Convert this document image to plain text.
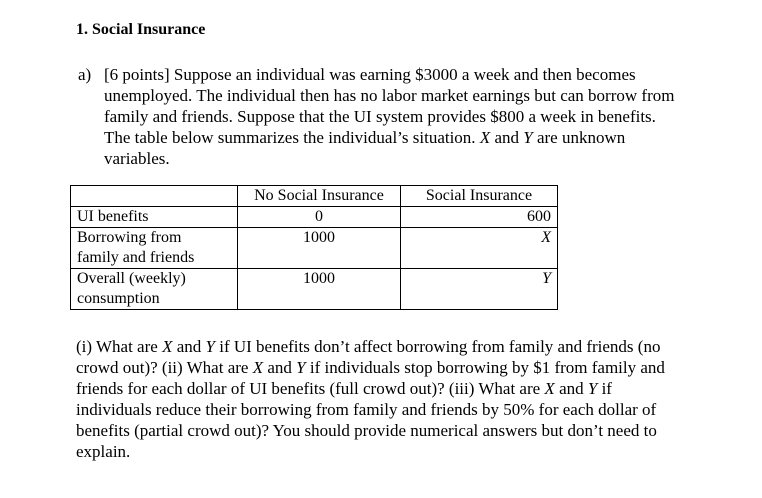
1. Social Insurance
a) [6 points] Suppose an individual was earning $3000 a week and then becomes
unemployed. The individual then has no labor market earnings but can borrow from
family and friends. Suppose that the UI system provides $800 a week in benefits.
The table below summarizes the individual’s situation. X and Y are unknown
variables.

	No Social Insurance	Social Insurance
UI benefits	0	600

Borrowing from
family and friends	1000	X

Overall (weekly)
consumption	1000	Y

(i) What are X and Y if UI benefits don’t affect borrowing from family and friends (no
crowd out)? (ii) What are X and Y if individuals stop borrowing by $1 from family and
friends for each dollar of UI benefits (full crowd out)? (iii) What are X and Y if
individuals reduce their borrowing from family and friends by 50% for each dollar of
benefits (partial crowd out)? You should provide numerical answers but don’t need to
explain.
